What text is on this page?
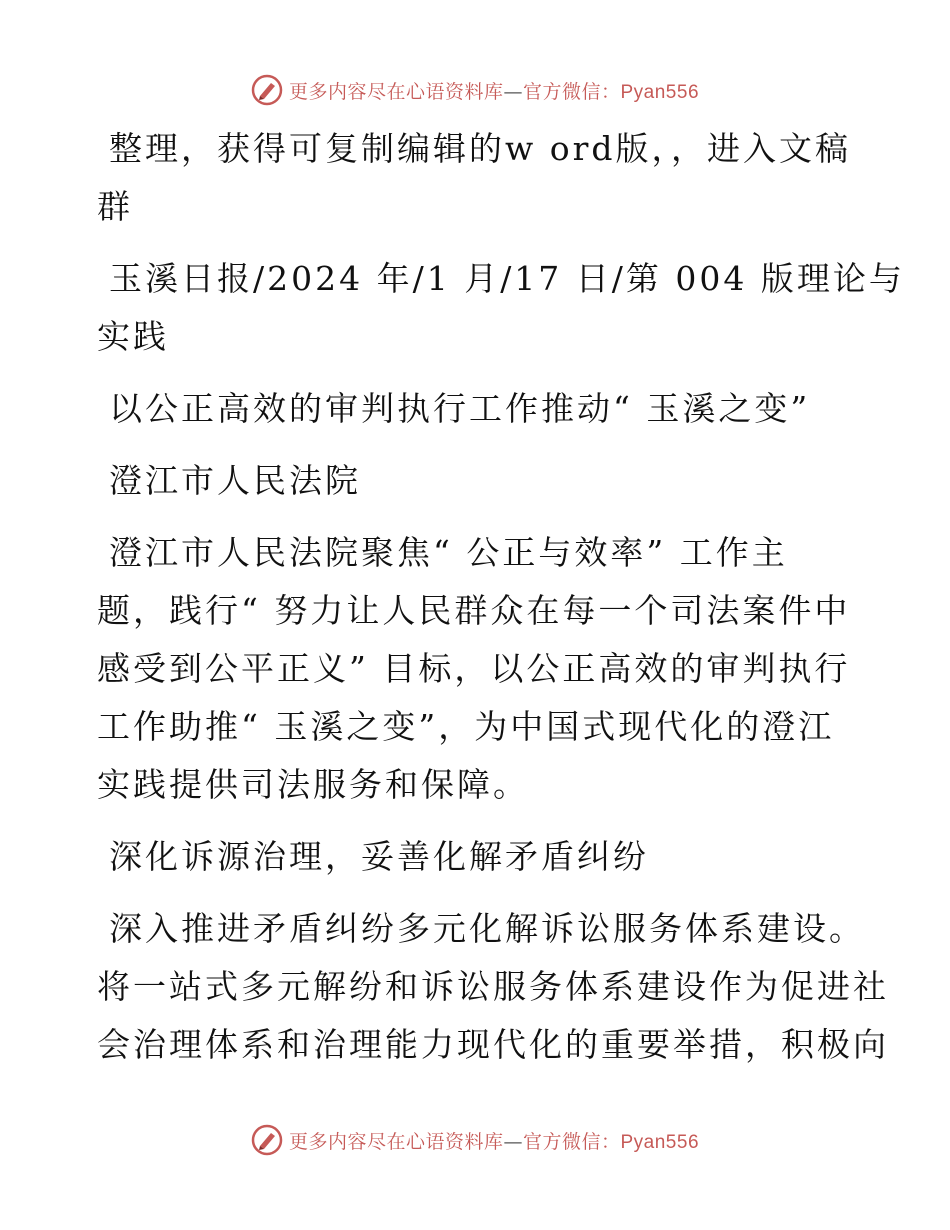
更多内容尽在心语资料库—官方微信：Pyan556

整理，获得可复制编辑的w ord版，，进入文稿
群

玉溪日报/2024 年/1 月/17 日/第 004 版理论与
实践

以公正高效的审判执行工作推动“ 玉溪之变”

澄江市人民法院

澄江市人民法院聚焦“ 公正与效率” 工作主
题，践行“ 努力让人民群众在每一个司法案件中
感受到公平正义” 目标，以公正高效的审判执行
工作助推“ 玉溪之变”，为中国式现代化的澄江
实践提供司法服务和保障。

深化诉源治理，妥善化解矛盾纠纷

深入推进矛盾纠纷多元化解诉讼服务体系建设。
将一站式多元解纷和诉讼服务体系建设作为促进社
会治理体系和治理能力现代化的重要举措，积极向

更多内容尽在心语资料库—官方微信：Pyan556
